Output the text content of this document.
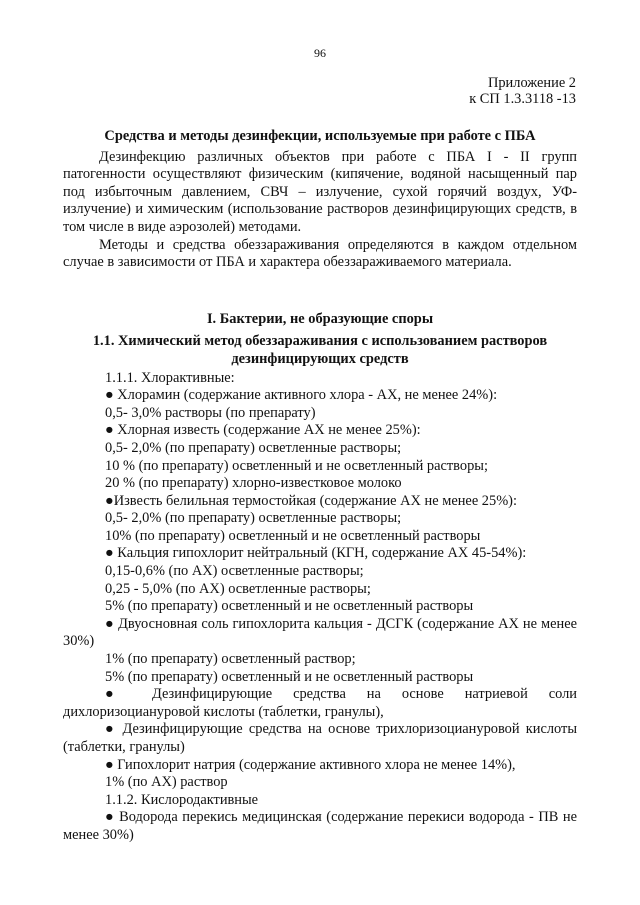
96
Приложение 2
к СП 1.3.3118 -13

Средства и методы дезинфекции, используемые при работе с ПБА

Дезинфекцию различных объектов при работе с ПБА I - II групп патогенности осуществляют физическим (кипячение, водяной насыщенный пар под избыточным давлением, СВЧ – излучение, сухой горячий воздух, УФ-излучение) и химическим (использование растворов дезинфицирующих средств, в том числе в виде аэрозолей) методами.

Методы и средства обеззараживания определяются в каждом отдельном случае в зависимости от ПБА и характера обеззараживаемого материала.

I. Бактерии, не образующие споры
1.1. Химический метод обеззараживания с использованием растворов
дезинфицирующих средств
1.1.1. Хлорактивные:
● Хлорамин (содержание активного хлора - АХ, не менее 24%):
0,5- 3,0% растворы (по препарату)
● Хлорная известь (содержание АХ не менее 25%):
0,5- 2,0% (по препарату) осветленные растворы;
10 % (по препарату) осветленный и не осветленный растворы;
20 % (по препарату) хлорно-известковое молоко
●Известь белильная термостойкая (содержание АХ не менее 25%):
0,5- 2,0% (по препарату) осветленные растворы;
10% (по препарату) осветленный и не осветленный растворы
● Кальция гипохлорит нейтральный (КГН, содержание АХ 45-54%):
0,15-0,6% (по АХ) осветленные растворы;
0,25 - 5,0% (по АХ) осветленные растворы;
5% (по препарату) осветленный и не осветленный растворы
● Двуосновная соль гипохлорита кальция - ДСГК (содержание АХ не менее 30%)
1% (по препарату) осветленный раствор;
5% (по препарату) осветленный и не осветленный растворы
● Дезинфицирующие средства на основе натриевой соли дихлоризоциануровой кислоты (таблетки, гранулы),
● Дезинфицирующие средства на основе трихлоризоциануровой кислоты (таблетки, гранулы)
● Гипохлорит натрия (содержание активного хлора не менее 14%),
1% (по АХ) раствор
1.1.2. Кислородактивные
● Водорода перекись медицинская (содержание перекиси водорода - ПВ не менее 30%)
